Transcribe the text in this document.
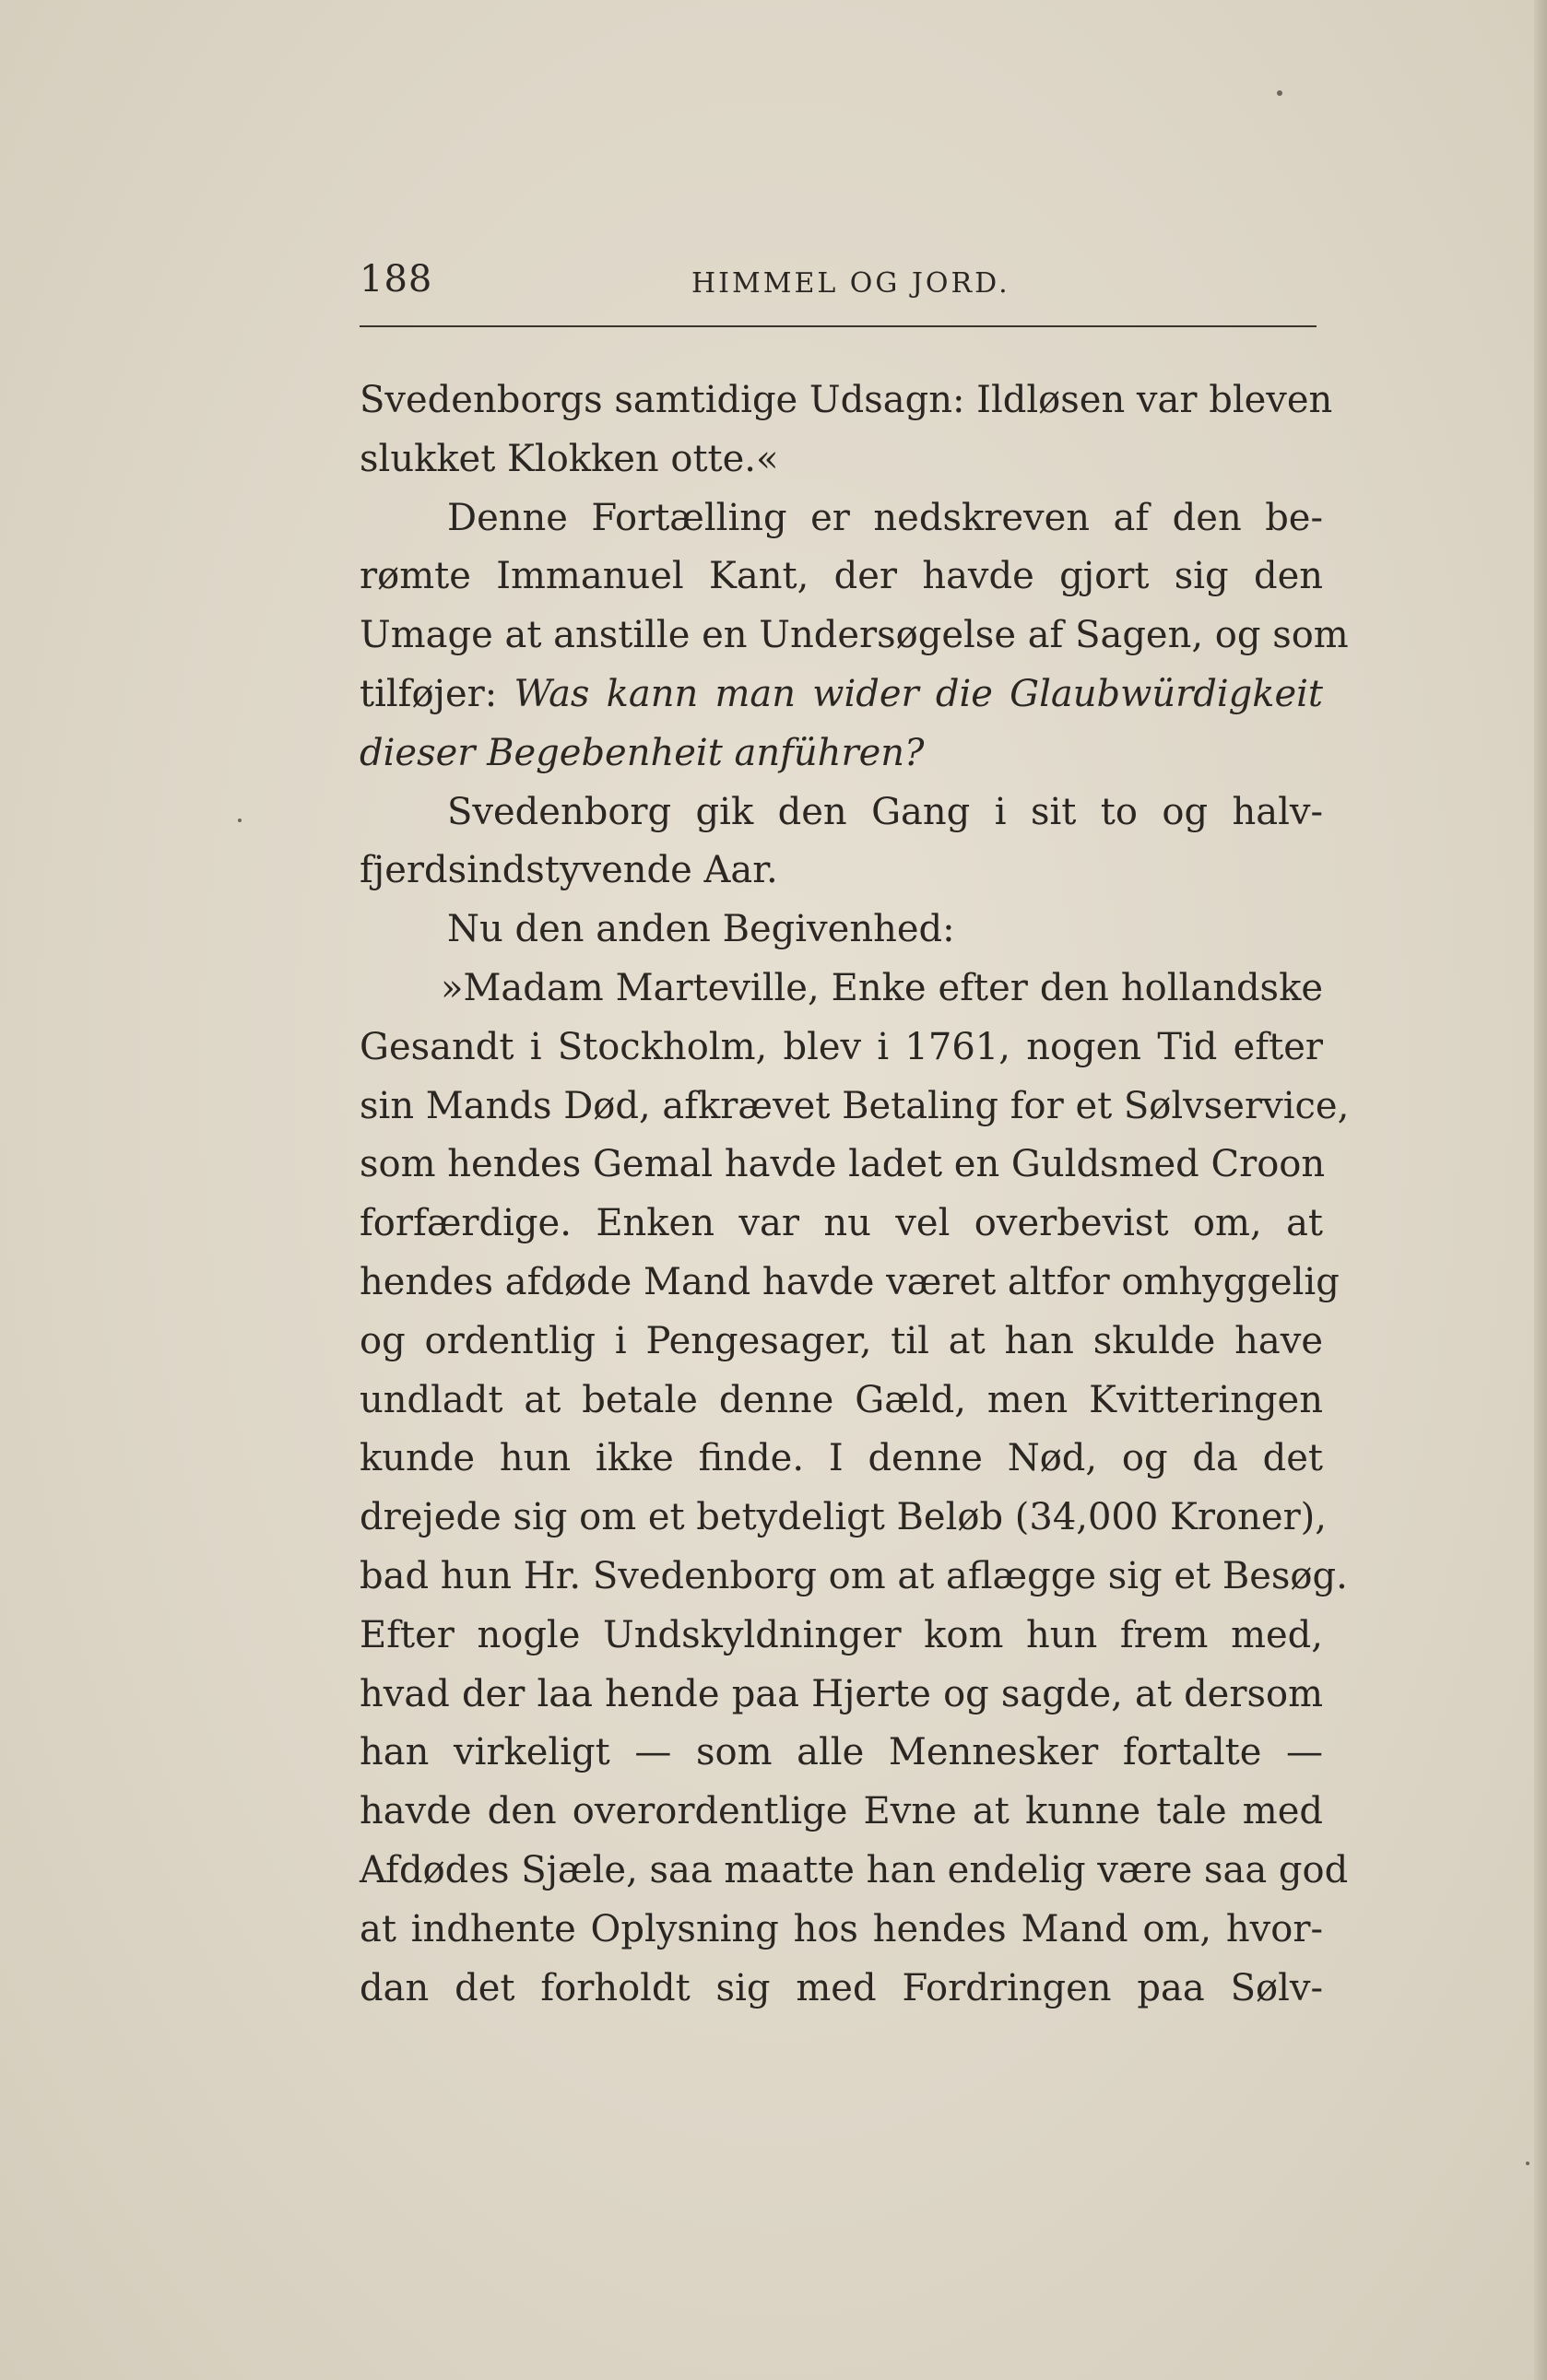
188	HIMMEL OG JORD.
Svedenborgs samtidige Udsagn: Ildløsen var bleven
slukket Klokken otte.«
Denne Fortælling er nedskreven af den be-
rømte Immanuel Kant, der havde gjort sig den
Umage at anstille en Undersøgelse af Sagen, og som
tilføjer: Was kann man wider die Glaubwürdigkeit
dieser Begebenheit anführen?
Svedenborg gik den Gang i sit to og halv-
fjerdsindstyvende Aar.
Nu den anden Begivenhed:
»Madam Marteville, Enke efter den hollandske
Gesandt i Stockholm, blev i 1761, nogen Tid efter
sin Mands Død, afkrævet Betaling for et Sølvservice,
som hendes Gemal havde ladet en Guldsmed Croon
forfærdige. Enken var nu vel overbevist om, at
hendes afdøde Mand havde været altfor omhyggelig
og ordentlig i Pengesager, til at han skulde have
undladt at betale denne Gæld, men Kvitteringen
kunde hun ikke finde. I denne Nød, og da det
drejede sig om et betydeligt Beløb (34,000 Kroner),
bad hun Hr. Svedenborg om at aflægge sig et Besøg.
Efter nogle Undskyldninger kom hun frem med,
hvad der laa hende paa Hjerte og sagde, at dersom
han virkeligt — som alle Mennesker fortalte —
havde den overordentlige Evne at kunne tale med
Afdødes Sjæle, saa maatte han endelig være saa god
at indhente Oplysning hos hendes Mand om, hvor-
dan det forholdt sig med Fordringen paa Sølv-
